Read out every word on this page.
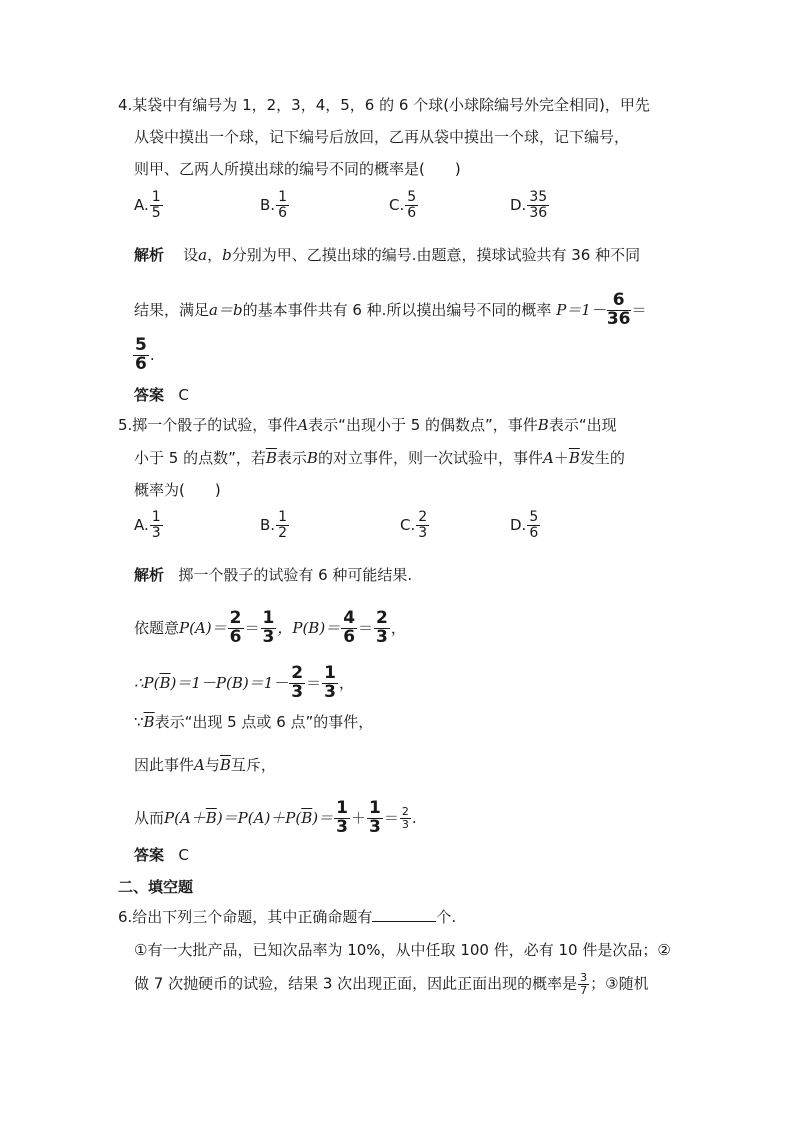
4.某袋中有编号为 1，2，3，4，5，6 的 6 个球(小球除编号外完全相同)，甲先
从袋中摸出一个球，记下编号后放回，乙再从袋中摸出一个球，记下编号，
则甲、乙两人所摸出球的编号不同的概率是(　　)
A. $\frac{1}{5}$	B. $\frac{1}{6}$	C. $\frac{5}{6}$	D. $\frac{35}{36}$
解析 设a，b分别为甲、乙摸出球的编号.由题意，摸球试验共有 36 种不同
结果，满足a＝b的基本事件共有 6 种.所以摸出编号不同的概率 $P=1- \frac{6}{36}$ ＝
$\frac{5}{6}$ .
答案 C
5.掷一个骰子的试验，事件A表示“出现小于 5 的偶数点”，事件B表示“出现
小于 5 的点数”，若$\overline{B}$表示B的对立事件，则一次试验中，事件$A+\overline{B}$发生的
概率为(　　)
A. $\frac{1}{3}$	B. $\frac{1}{2}$	C. $\frac{2}{3}$	D. $\frac{5}{6}$
解析 掷一个骰子的试验有 6 种可能结果.
依题意$P(A)= \frac{2}{6} = \frac{1}{3}$ ，$P(B)= \frac{4}{6} = \frac{2}{3}$ ，
$\therefore P(\overline{B})=1-P(B)=1- \frac{2}{3} = \frac{1}{3}$ ，
$\because\overline{B}$表示“出现 5 点或 6 点”的事件，
因此事件A与$\overline{B}$互斥，
从而$P(A+\overline{B})=P(A)+P(\overline{B})= \frac{1}{3} + \frac{1}{3} = \frac{2}{3}$ .
答案 C
二、填空题
6.给出下列三个命题，其中正确命题有	个.
①有一大批产品，已知次品率为 10%，从中任取 100 件，必有 10 件是次品；②
做 7 次抛硬币的试验，结果 3 次出现正面，因此正面出现的概率是 $\frac{3}{7}$ ；③随机
